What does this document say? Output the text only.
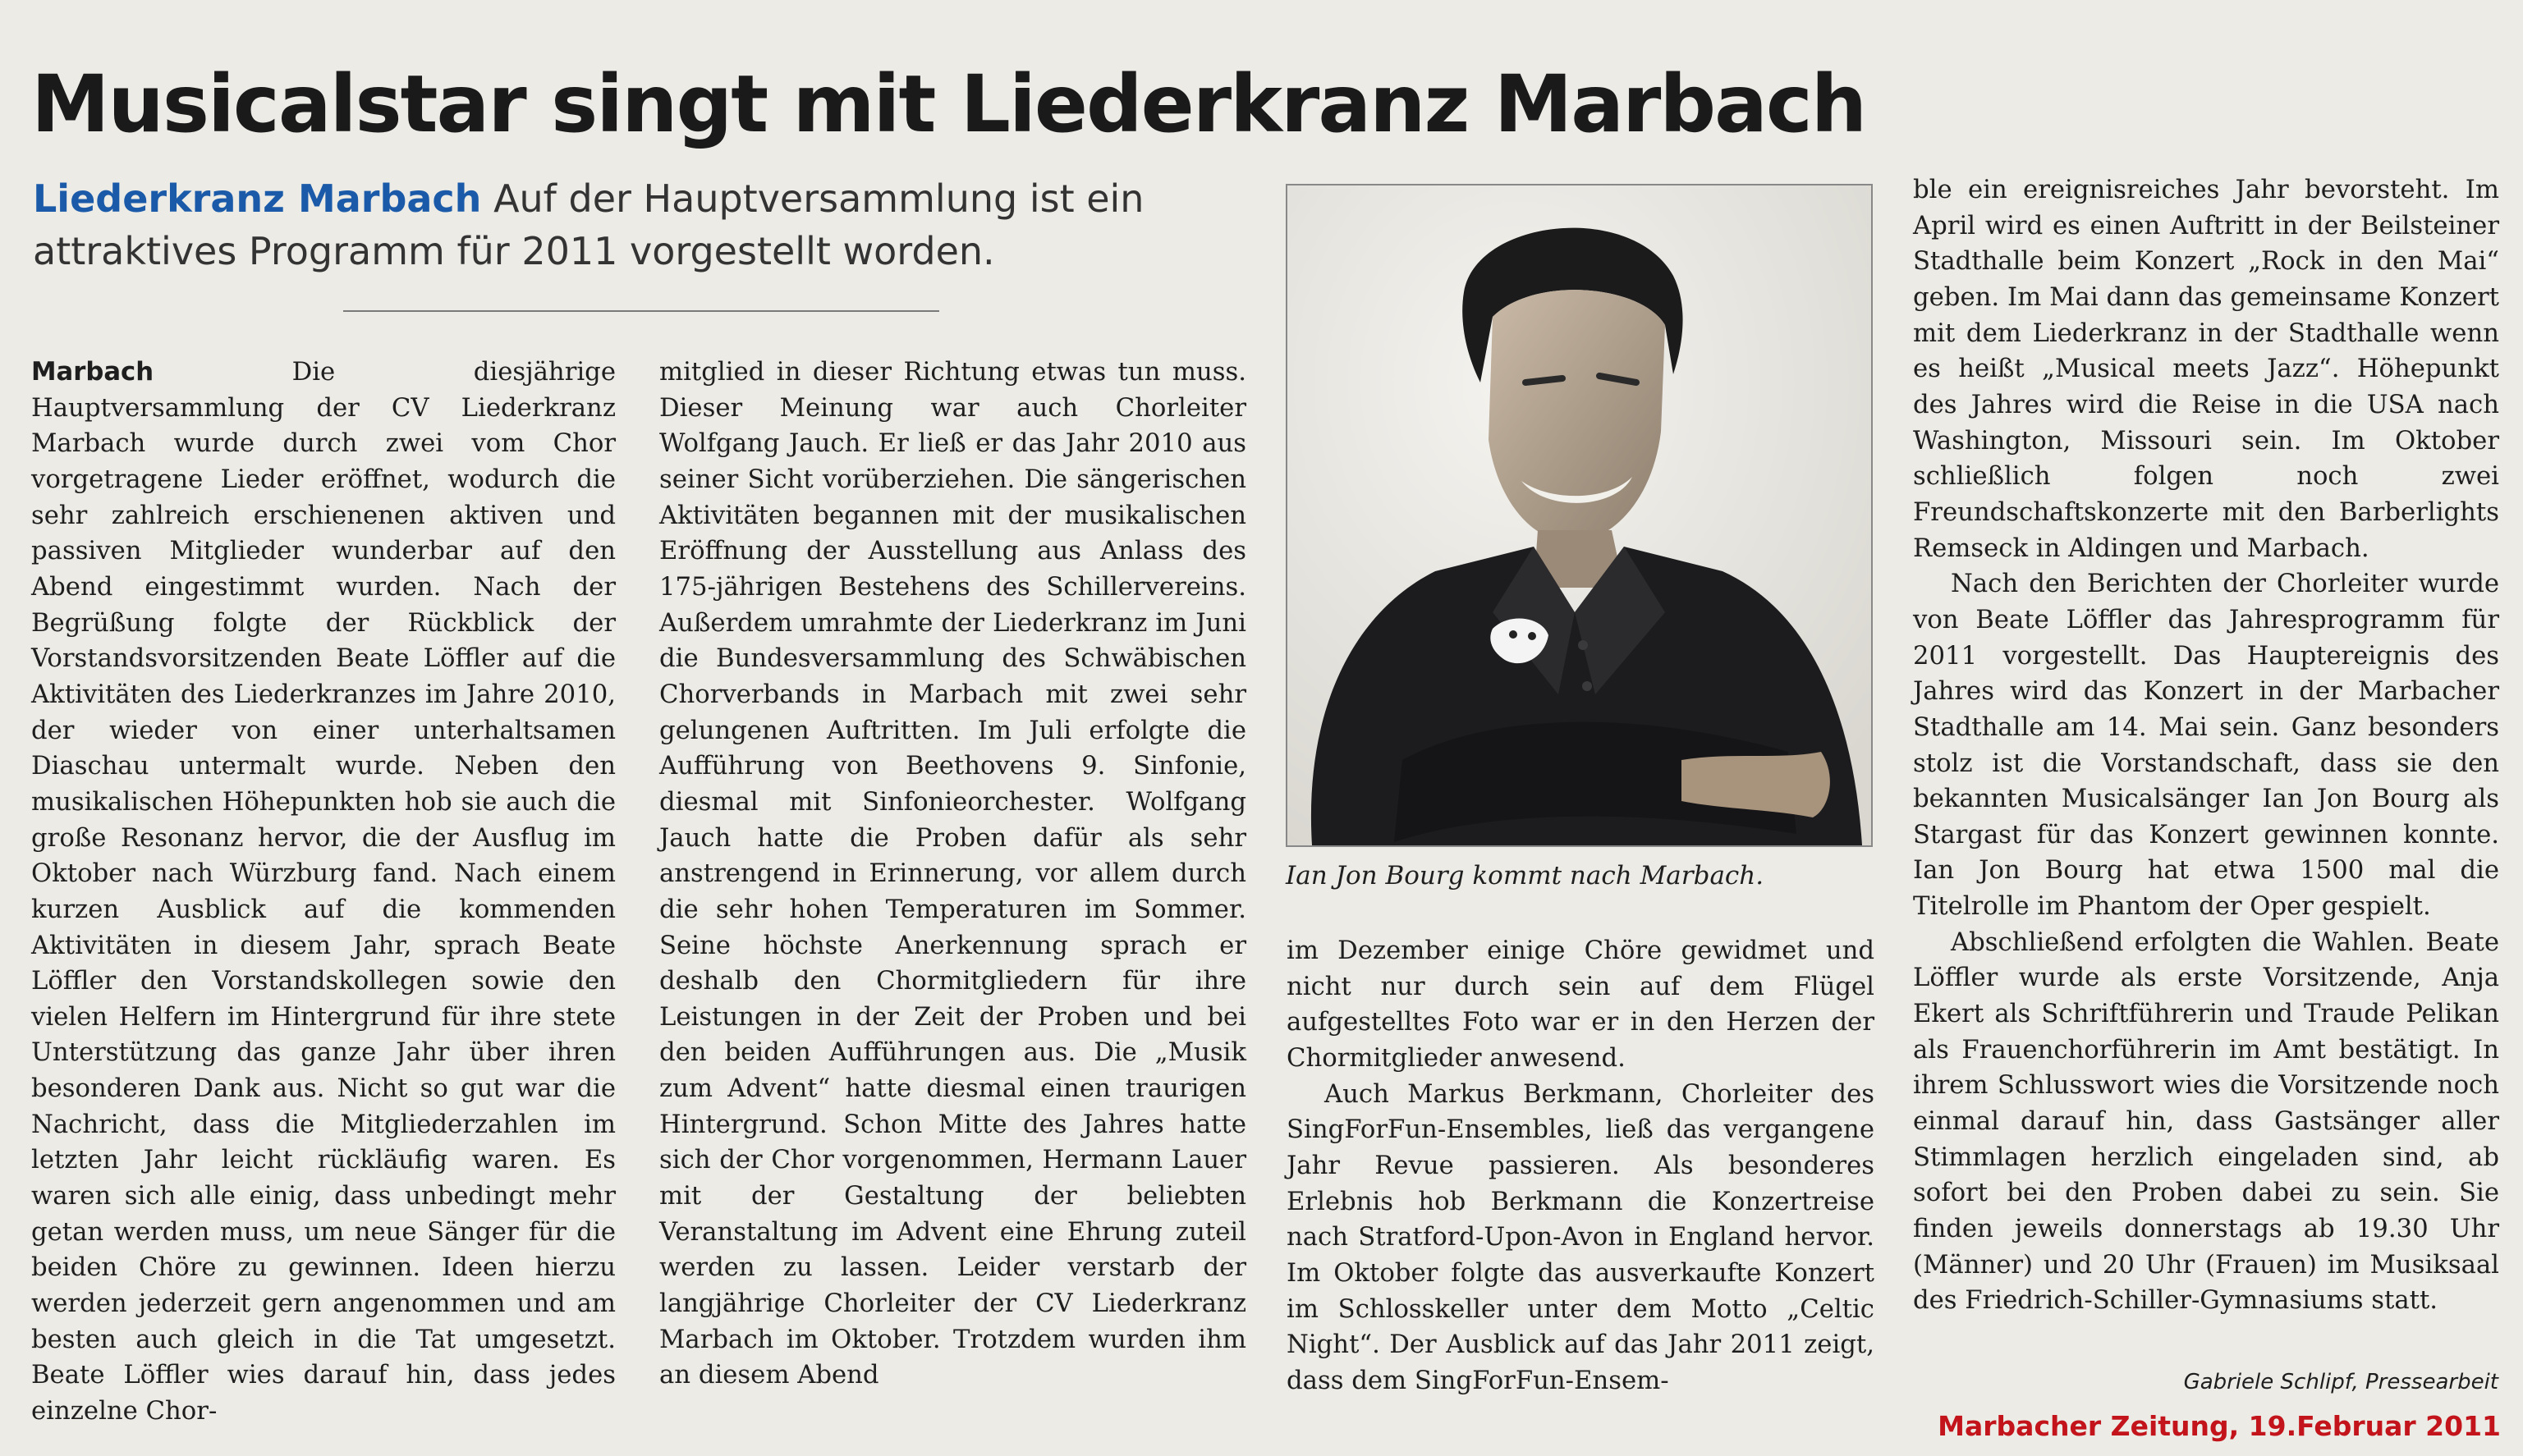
Musicalstar singt mit Liederkranz Marbach
Liederkranz Marbach Auf der Hauptversammlung ist ein attraktives Programm für 2011 vorgestellt worden.

Marbach	Die diesjährige Hauptversammlung der CV Liederkranz Marbach wurde durch zwei vom Chor vorgetragene Lieder eröffnet, wodurch die sehr zahlreich erschienenen aktiven und passiven Mitglieder wunderbar auf den Abend eingestimmt wurden. Nach der Begrüßung folgte der Rückblick der Vorstandsvorsitzenden Beate Löffler auf die Aktivitäten des Liederkranzes im Jahre 2010, der wieder von einer unterhaltsamen Diaschau untermalt wurde. Neben den musikalischen Höhepunkten hob sie auch die große Resonanz hervor, die der Ausflug im Oktober nach Würzburg fand. Nach einem kurzen Ausblick auf die kommenden Aktivitäten in diesem Jahr, sprach Beate Löffler den Vorstandskollegen sowie den vielen Helfern im Hintergrund für ihre stete Unterstützung das ganze Jahr über ihren besonderen Dank aus. Nicht so gut war die Nachricht, dass die Mitgliederzahlen im letzten Jahr leicht rückläufig waren. Es waren sich alle einig, dass unbedingt mehr getan werden muss, um neue Sänger für die beiden Chöre zu gewinnen. Ideen hierzu werden jederzeit gern angenommen und am besten auch gleich in die Tat umgesetzt. Beate Löffler wies darauf hin, dass jedes einzelne Chor-

mitglied in dieser Richtung etwas tun muss. Dieser Meinung war auch Chorleiter Wolfgang Jauch. Er ließ er das Jahr 2010 aus seiner Sicht vorüberziehen. Die sängerischen Aktivitäten begannen mit der musikalischen Eröffnung der Ausstellung aus Anlass des 175-jährigen Bestehens des Schillervereins. Außerdem umrahmte der Liederkranz im Juni die Bundesversammlung des Schwäbischen Chorverbands in Marbach mit zwei sehr gelungenen Auftritten. Im Juli erfolgte die Aufführung von Beethovens 9. Sinfonie, diesmal mit Sinfonieorchester. Wolfgang Jauch hatte die Proben dafür als sehr anstrengend in Erinnerung, vor allem durch die sehr hohen Temperaturen im Sommer. Seine höchste Anerkennung sprach er deshalb den Chormitgliedern für ihre Leistungen in der Zeit der Proben und bei den beiden Aufführungen aus. Die „Musik zum Advent“ hatte diesmal einen traurigen Hintergrund. Schon Mitte des Jahres hatte sich der Chor vorgenommen, Hermann Lauer mit der Gestaltung der beliebten Veranstaltung im Advent eine Ehrung zuteil werden zu lassen. Leider verstarb der langjährige Chorleiter der CV Liederkranz Marbach im Oktober. Trotzdem wurden ihm an diesem Abend

Ian Jon Bourg kommt nach Marbach.

im Dezember einige Chöre gewidmet und nicht nur durch sein auf dem Flügel aufgestelltes Foto war er in den Herzen der Chormitglieder anwesend.

Auch Markus Berkmann, Chorleiter des SingForFun-Ensembles, ließ das vergangene Jahr Revue passieren. Als besonderes Erlebnis hob Berkmann die Konzertreise nach Stratford-Upon-Avon in England hervor. Im Oktober folgte das ausverkaufte Konzert im Schlosskeller unter dem Motto „Celtic Night“. Der Ausblick auf das Jahr 2011 zeigt, dass dem SingForFun-Ensem-

ble ein ereignisreiches Jahr bevorsteht. Im April wird es einen Auftritt in der Beilsteiner Stadthalle beim Konzert „Rock in den Mai“ geben. Im Mai dann das gemeinsame Konzert mit dem Liederkranz in der Stadthalle wenn es heißt „Musical meets Jazz“. Höhepunkt des Jahres wird die Reise in die USA nach Washington, Missouri sein. Im Oktober schließlich folgen noch zwei Freundschaftskonzerte mit den Barberlights Remseck in Aldingen und Marbach.

Nach den Berichten der Chorleiter wurde von Beate Löffler das Jahresprogramm für 2011 vorgestellt. Das Hauptereignis des Jahres wird das Konzert in der Marbacher Stadthalle am 14. Mai sein. Ganz besonders stolz ist die Vorstandschaft, dass sie den bekannten Musicalsänger Ian Jon Bourg als Stargast für das Konzert gewinnen konnte. Ian Jon Bourg hat etwa 1500 mal die Titelrolle im Phantom der Oper gespielt.

Abschließend erfolgten die Wahlen. Beate Löffler wurde als erste Vorsitzende, Anja Ekert als Schriftführerin und Traude Pelikan als Frauenchorführerin im Amt bestätigt. In ihrem Schlusswort wies die Vorsitzende noch einmal darauf hin, dass Gastsänger aller Stimmlagen herzlich eingeladen sind, ab sofort bei den Proben dabei zu sein. Sie finden jeweils donnerstags ab 19.30 Uhr (Männer) und 20 Uhr (Frauen) im Musiksaal des Friedrich-Schiller-Gymnasiums statt.

Gabriele Schlipf, Pressearbeit
Marbacher Zeitung, 19.Februar 2011
